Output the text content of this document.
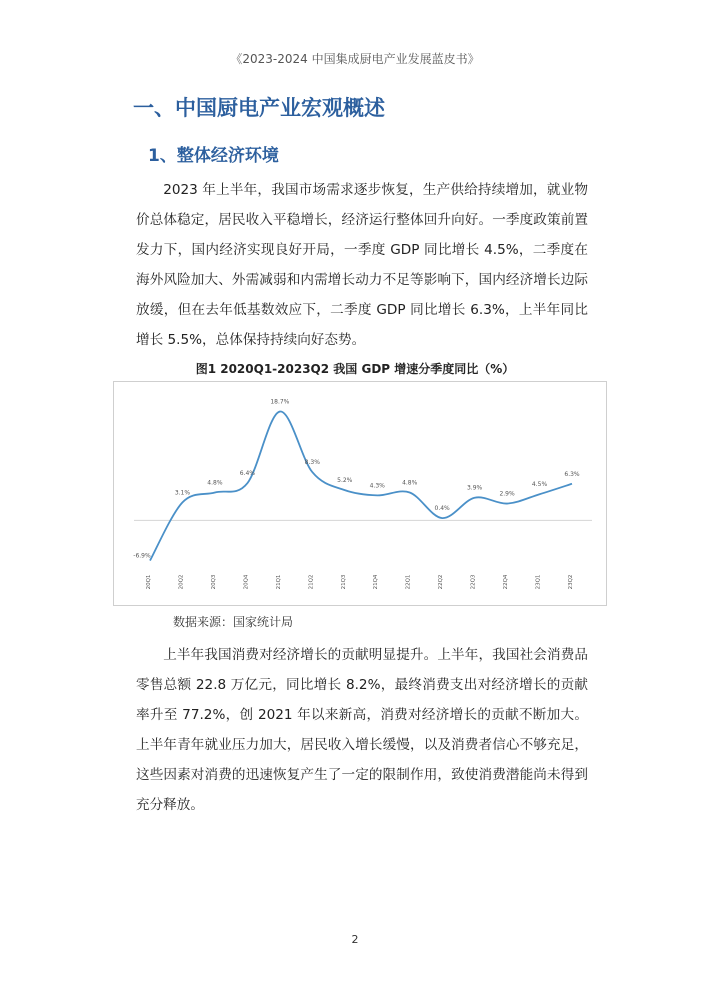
《2023-2024 中国集成厨电产业发展蓝皮书》
一、中国厨电产业宏观概述
1、整体经济环境
2023 年上半年，我国市场需求逐步恢复，生产供给持续增加，就业物价总体稳定，居民收入平稳增长，经济运行整体回升向好。一季度政策前置发力下，国内经济实现良好开局，一季度 GDP 同比增长 4.5%，二季度在海外风险加大、外需减弱和内需增长动力不足等影响下，国内经济增长边际放缓，但在去年低基数效应下，二季度 GDP 同比增长 6.3%，上半年同比增长 5.5%，总体保持持续向好态势。
图1 2020Q1-2023Q2 我国 GDP 增速分季度同比（%）
-6.9%
3.1%
4.8%
6.4%
18.7%
8.3%
5.2%
4.3%	4.8%
0.4%
3.9%
2.9%
4.5%
6.3%
20Q1	20Q2	20Q3	20Q4	21Q1	21Q2	21Q3	21Q4	22Q1	22Q2	22Q3	22Q4	23Q1	23Q2
数据来源：国家统计局
上半年我国消费对经济增长的贡献明显提升。上半年，我国社会消费品零售总额 22.8 万亿元，同比增长 8.2%，最终消费支出对经济增长的贡献率升至 77.2%，创 2021 年以来新高，消费对经济增长的贡献不断加大。上半年青年就业压力加大，居民收入增长缓慢，以及消费者信心不够充足，这些因素对消费的迅速恢复产生了一定的限制作用，致使消费潜能尚未得到充分释放。
2
